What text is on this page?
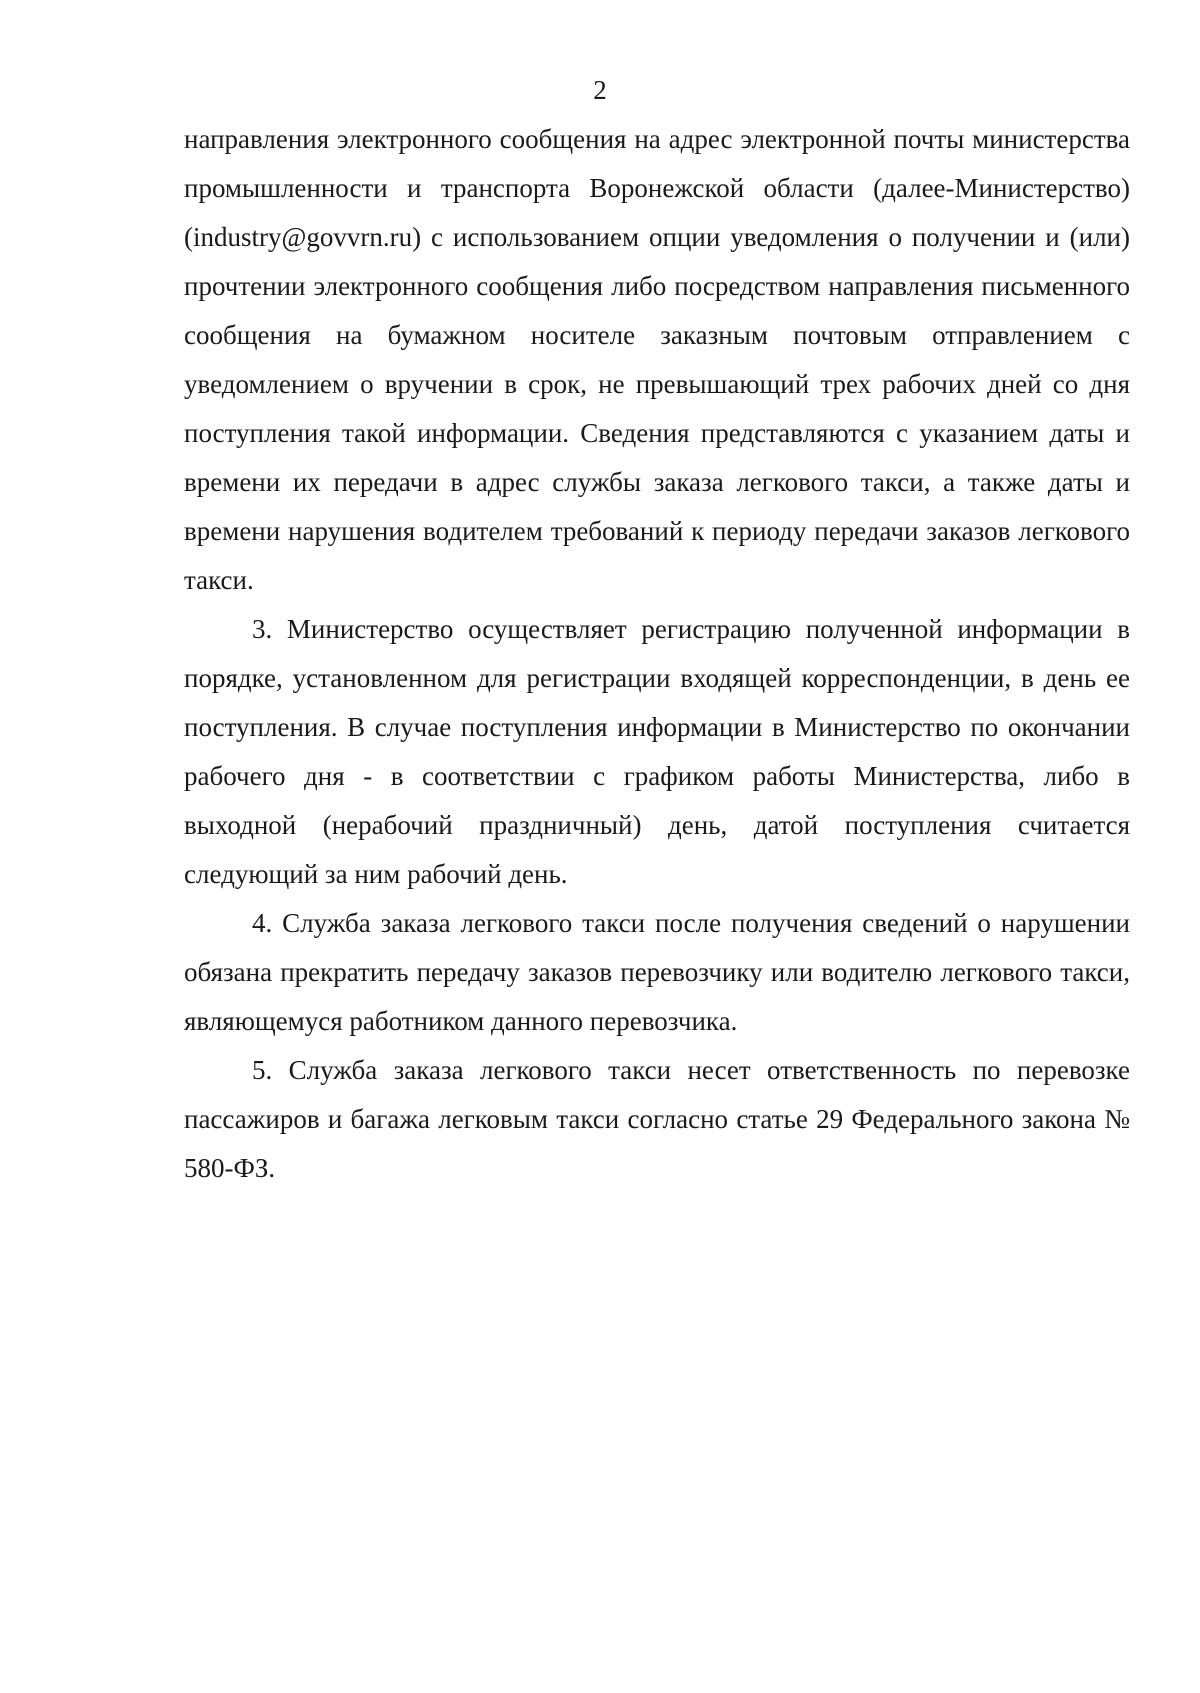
2

направления электронного сообщения на адрес электронной почты министерства промышленности и транспорта Воронежской области (далее-Министерство) (industry@govvrn.ru) с использованием опции уведомления о получении и (или) прочтении электронного сообщения либо посредством направления письменного сообщения на бумажном носителе заказным почтовым отправлением с уведомлением о вручении в срок, не превышающий трех рабочих дней со дня поступления такой информации. Сведения представляются с указанием даты и времени их передачи в адрес службы заказа легкового такси, а также даты и времени нарушения водителем требований к периоду передачи заказов легкового такси.

3. Министерство осуществляет регистрацию полученной информации в порядке, установленном для регистрации входящей корреспонденции, в день ее поступления. В случае поступления информации в Министерство по окончании рабочего дня - в соответствии с графиком работы Министерства, либо в выходной (нерабочий праздничный) день, датой поступления считается следующий за ним рабочий день.

4. Служба заказа легкового такси после получения сведений о нарушении обязана прекратить передачу заказов перевозчику или водителю легкового такси, являющемуся работником данного перевозчика.

5. Служба заказа легкового такси несет ответственность по перевозке пассажиров и багажа легковым такси согласно статье 29 Федерального закона № 580-ФЗ.
